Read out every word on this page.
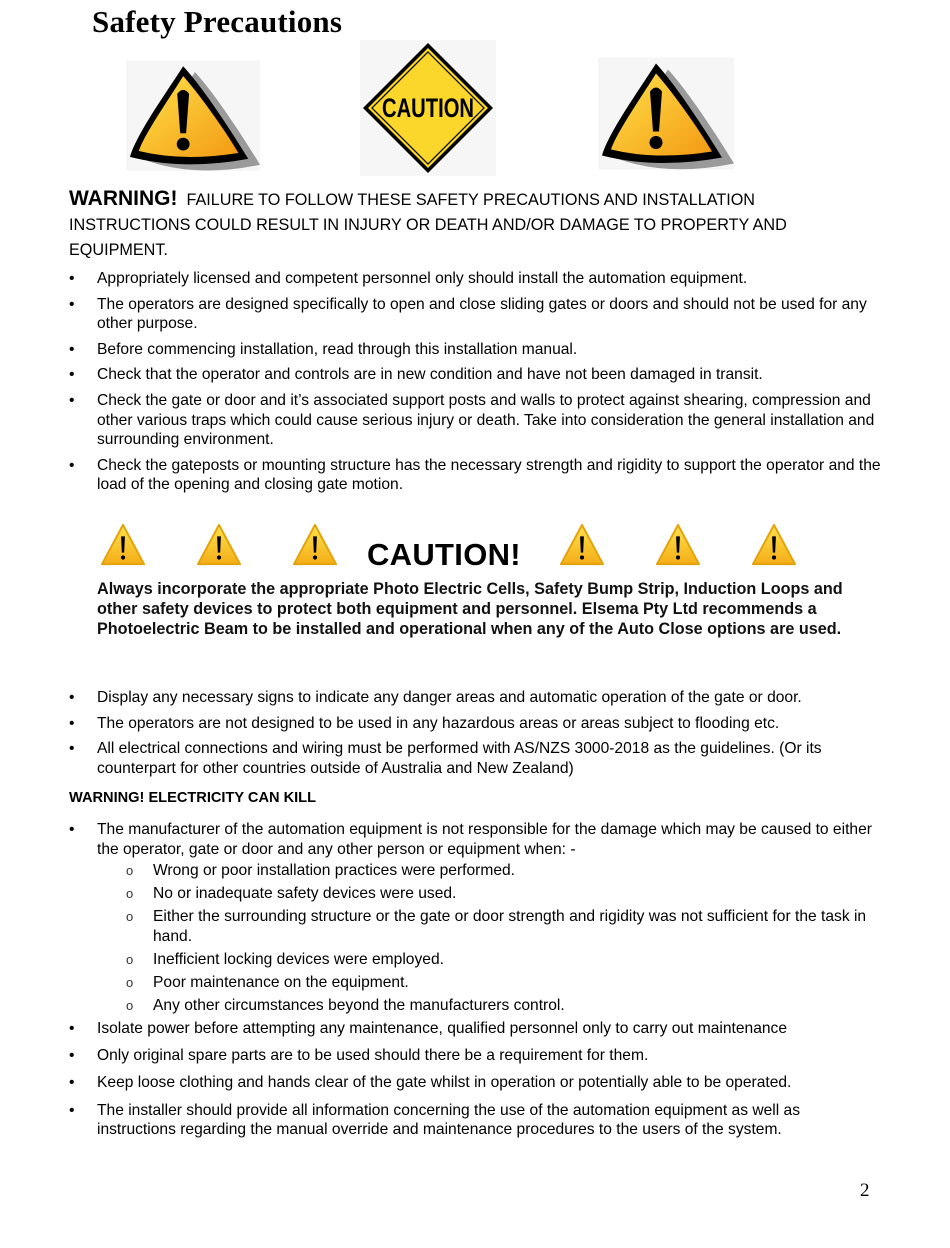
Safety Precautions
CAUTION

WARNING! FAILURE TO FOLLOW THESE SAFETY PRECAUTIONS AND INSTALLATION INSTRUCTIONS COULD RESULT IN INJURY OR DEATH AND/OR DAMAGE TO PROPERTY AND EQUIPMENT.

• Appropriately licensed and competent personnel only should install the automation equipment.
• The operators are designed specifically to open and close sliding gates or doors and should not be used for any other purpose.
• Before commencing installation, read through this installation manual.
• Check that the operator and controls are in new condition and have not been damaged in transit.
• Check the gate or door and it’s associated support posts and walls to protect against shearing, compression and other various traps which could cause serious injury or death. Take into consideration the general installation and surrounding environment.
• Check the gateposts or mounting structure has the necessary strength and rigidity to support the operator and the load of the opening and closing gate motion.
CAUTION!

Always incorporate the appropriate Photo Electric Cells, Safety Bump Strip, Induction Loops and other safety devices to protect both equipment and personnel. Elsema Pty Ltd recommends a Photoelectric Beam to be installed and operational when any of the Auto Close options are used.

• Display any necessary signs to indicate any danger areas and automatic operation of the gate or door.
• The operators are not designed to be used in any hazardous areas or areas subject to flooding etc.
• All electrical connections and wiring must be performed with AS/NZS 3000-2018 as the guidelines. (Or its counterpart for other countries outside of Australia and New Zealand)

WARNING! ELECTRICITY CAN KILL

• The manufacturer of the automation equipment is not responsible for the damage which may be caused to either the operator, gate or door and any other person or equipment when: -
o Wrong or poor installation practices were performed.
o No or inadequate safety devices were used.
o Either the surrounding structure or the gate or door strength and rigidity was not sufficient for the task in hand.
o Inefficient locking devices were employed.
o Poor maintenance on the equipment.
o Any other circumstances beyond the manufacturers control.
• Isolate power before attempting any maintenance, qualified personnel only to carry out maintenance
• Only original spare parts are to be used should there be a requirement for them.
• Keep loose clothing and hands clear of the gate whilst in operation or potentially able to be operated.
• The installer should provide all information concerning the use of the automation equipment as well as instructions regarding the manual override and maintenance procedures to the users of the system.

2
